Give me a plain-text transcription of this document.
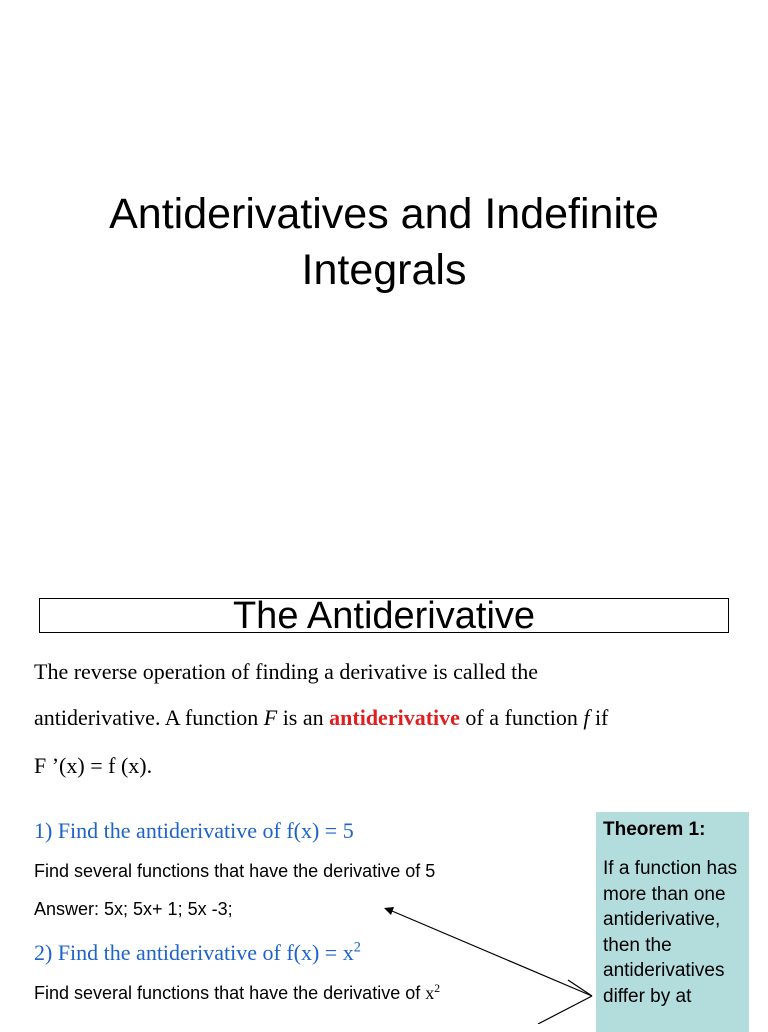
Antiderivatives and Indefinite
Integrals
The Antiderivative
The reverse operation of finding a derivative is called the
antiderivative. A function F is an antiderivative of a function f if
F ’(x) = f (x).
1) Find the antiderivative of f(x) = 5
Find several functions that have the derivative of 5
Answer: 5x; 5x+ 1; 5x -3;
2) Find the antiderivative of $f(x) = x^2$
Find several functions that have the derivative of $x^2$
Theorem 1:
If a function has more than one antiderivative, then the antiderivatives differ by at
